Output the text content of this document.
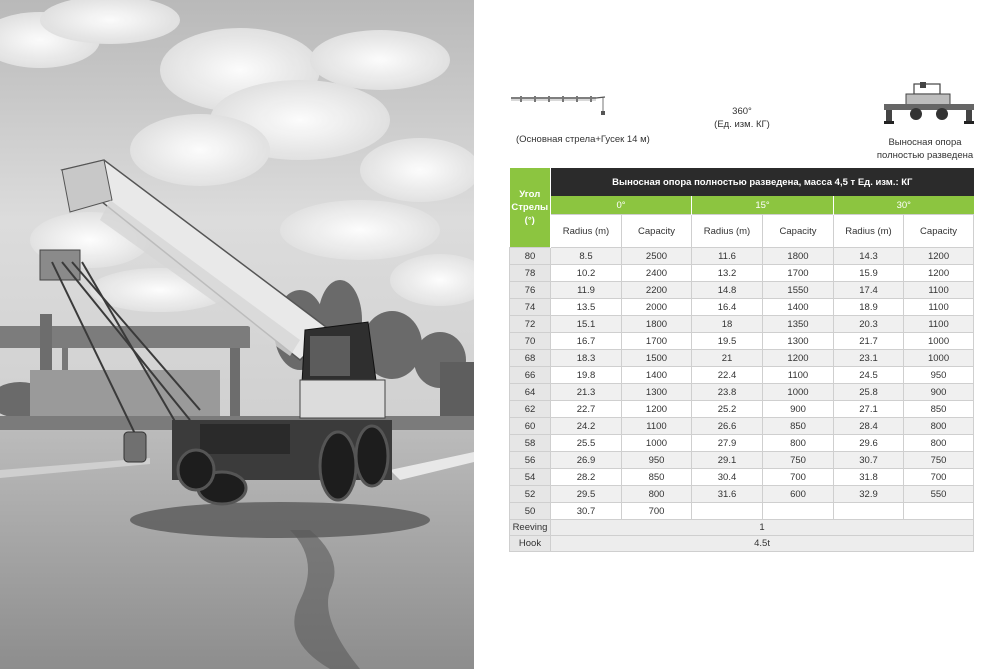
(Основная стрела+Гусек 14 м)
360°
(Ед. изм. КГ)
Выносная опора
полностью разведена
Угол
Стрелы
(°)	Выносная опора полностью разведена, масса 4,5 т Ед. изм.: КГ					
	0°		15°		30°	
	Radius (m)	Capacity	Radius (m)	Capacity	Radius (m)	Capacity
80	8.5	2500	11.6	1800	14.3	1200
78	10.2	2400	13.2	1700	15.9	1200
76	11.9	2200	14.8	1550	17.4	1100
74	13.5	2000	16.4	1400	18.9	1100
72	15.1	1800	18	1350	20.3	1100
70	16.7	1700	19.5	1300	21.7	1000
68	18.3	1500	21	1200	23.1	1000
66	19.8	1400	22.4	1100	24.5	950
64	21.3	1300	23.8	1000	25.8	900
62	22.7	1200	25.2	900	27.1	850
60	24.2	1100	26.6	850	28.4	800
58	25.5	1000	27.9	800	29.6	800
56	26.9	950	29.1	750	30.7	750
54	28.2	850	30.4	700	31.8	700
52	29.5	800	31.6	600	32.9	550
50	30.7	700				
Reeving	1					
Hook	4.5t					
